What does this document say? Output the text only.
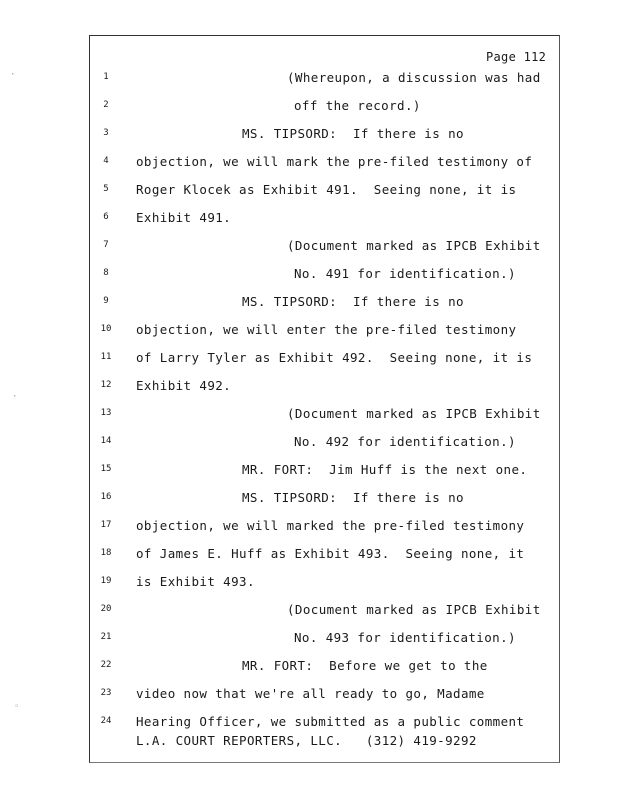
Page 112
1
2
3
4
5
6
7
8
9
10
11
12
13
14
15
16
17
18
19
20
21
22
23
24
(Whereupon, a discussion was had
off the record.)
MS. TIPSORD:  If there is no
objection, we will mark the pre-filed testimony of
Roger Klocek as Exhibit 491.  Seeing none, it is
Exhibit 491.
(Document marked as IPCB Exhibit
No. 491 for identification.)
MS. TIPSORD:  If there is no
objection, we will enter the pre-filed testimony
of Larry Tyler as Exhibit 492.  Seeing none, it is
Exhibit 492.
(Document marked as IPCB Exhibit
No. 492 for identification.)
MR. FORT:  Jim Huff is the next one.
MS. TIPSORD:  If there is no
objection, we will marked the pre-filed testimony
of James E. Huff as Exhibit 493.  Seeing none, it
is Exhibit 493.
(Document marked as IPCB Exhibit
No. 493 for identification.)
MR. FORT:  Before we get to the
video now that we're all ready to go, Madame
Hearing Officer, we submitted as a public comment
L.A. COURT REPORTERS, LLC.   (312) 419-9292
·
·
◦
